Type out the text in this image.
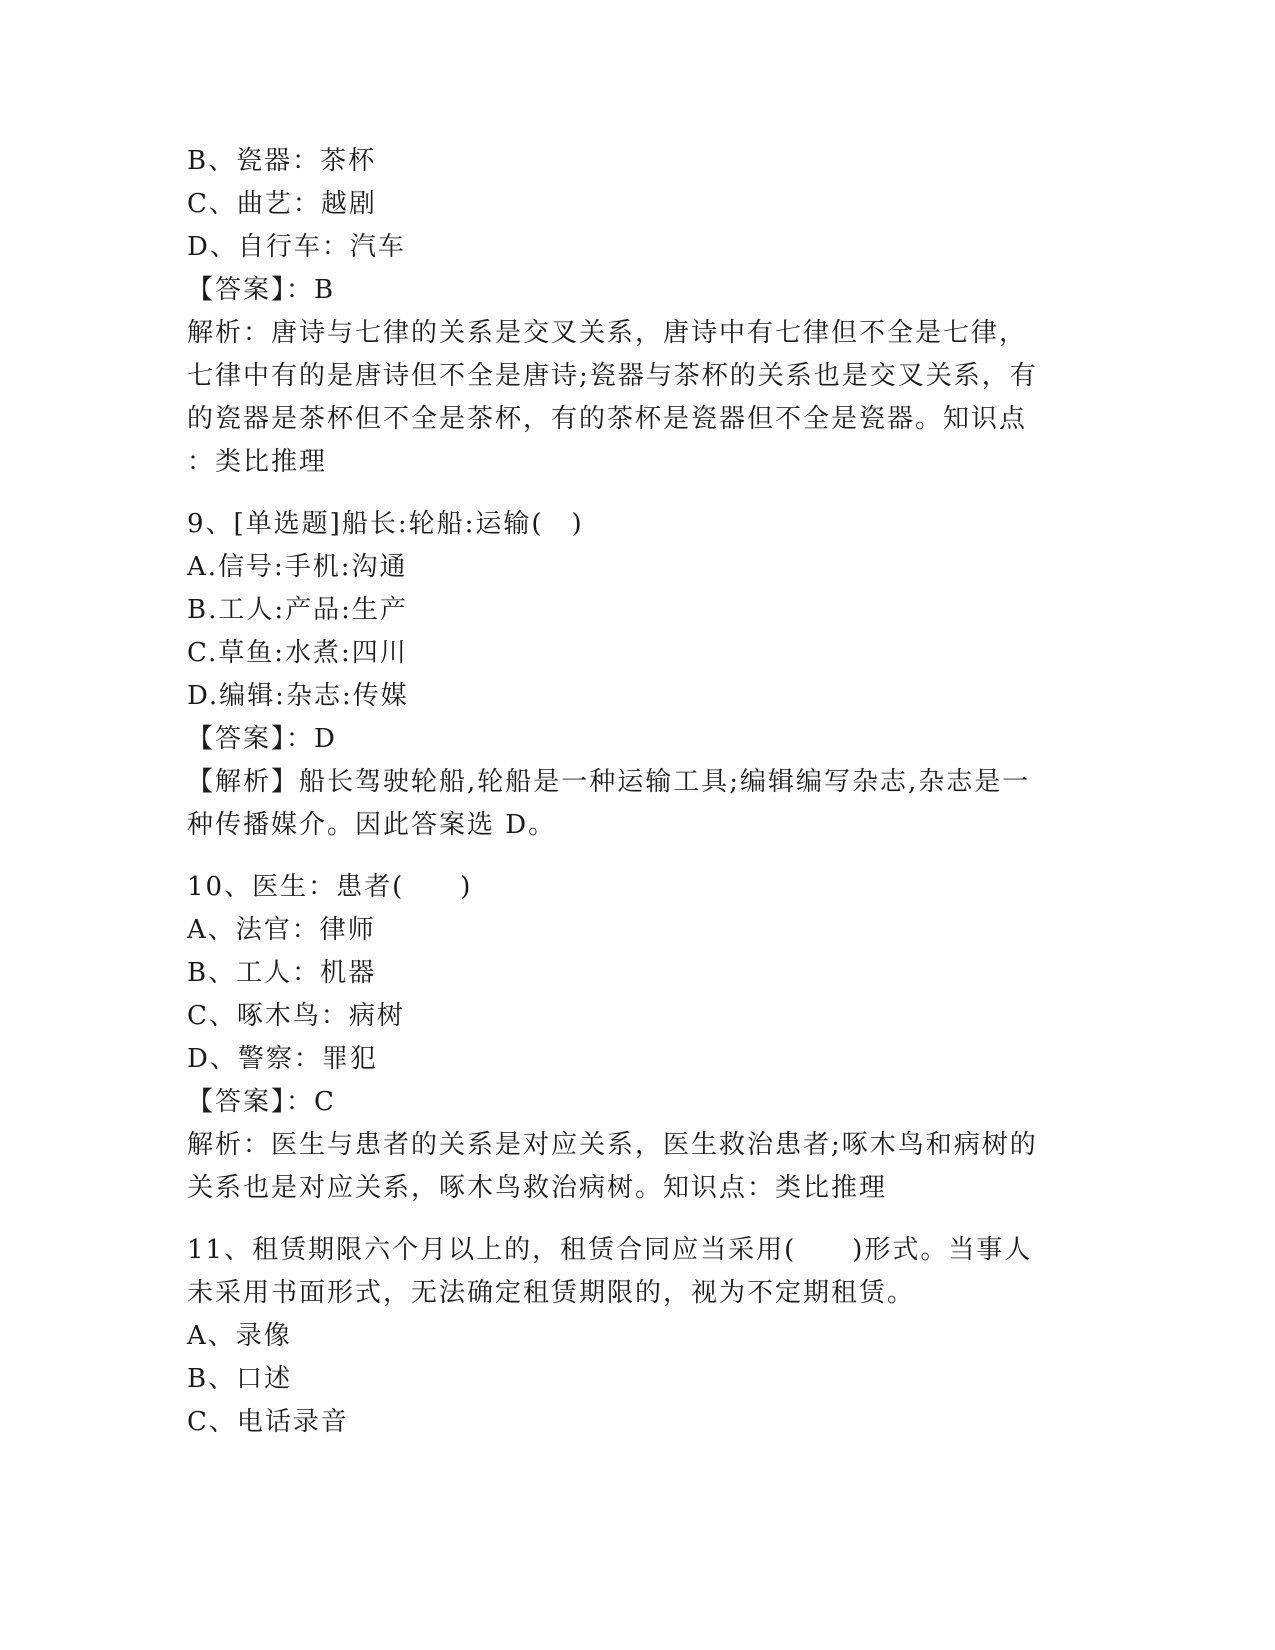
B、瓷器：茶杯

C、曲艺：越剧

D、自行车：汽车

【答案】：B

解析：唐诗与七律的关系是交叉关系，唐诗中有七律但不全是七律，

七律中有的是唐诗但不全是唐诗;瓷器与茶杯的关系也是交叉关系，有

的瓷器是茶杯但不全是茶杯，有的茶杯是瓷器但不全是瓷器。知识点

：类比推理

9、[单选题]船长:轮船:运输(　)

A.信号:手机:沟通

B.工人:产品:生产

C.草鱼:水煮:四川

D.编辑:杂志:传媒

【答案】：D

【解析】船长驾驶轮船,轮船是一种运输工具;编辑编写杂志,杂志是一

种传播媒介。因此答案选 D。

10、医生：患者(　　)

A、法官：律师

B、工人：机器

C、啄木鸟：病树

D、警察：罪犯

【答案】：C

解析：医生与患者的关系是对应关系，医生救治患者;啄木鸟和病树的

关系也是对应关系，啄木鸟救治病树。知识点：类比推理

11、租赁期限六个月以上的，租赁合同应当采用(　　)形式。当事人

未采用书面形式，无法确定租赁期限的，视为不定期租赁。

A、录像

B、口述

C、电话录音
